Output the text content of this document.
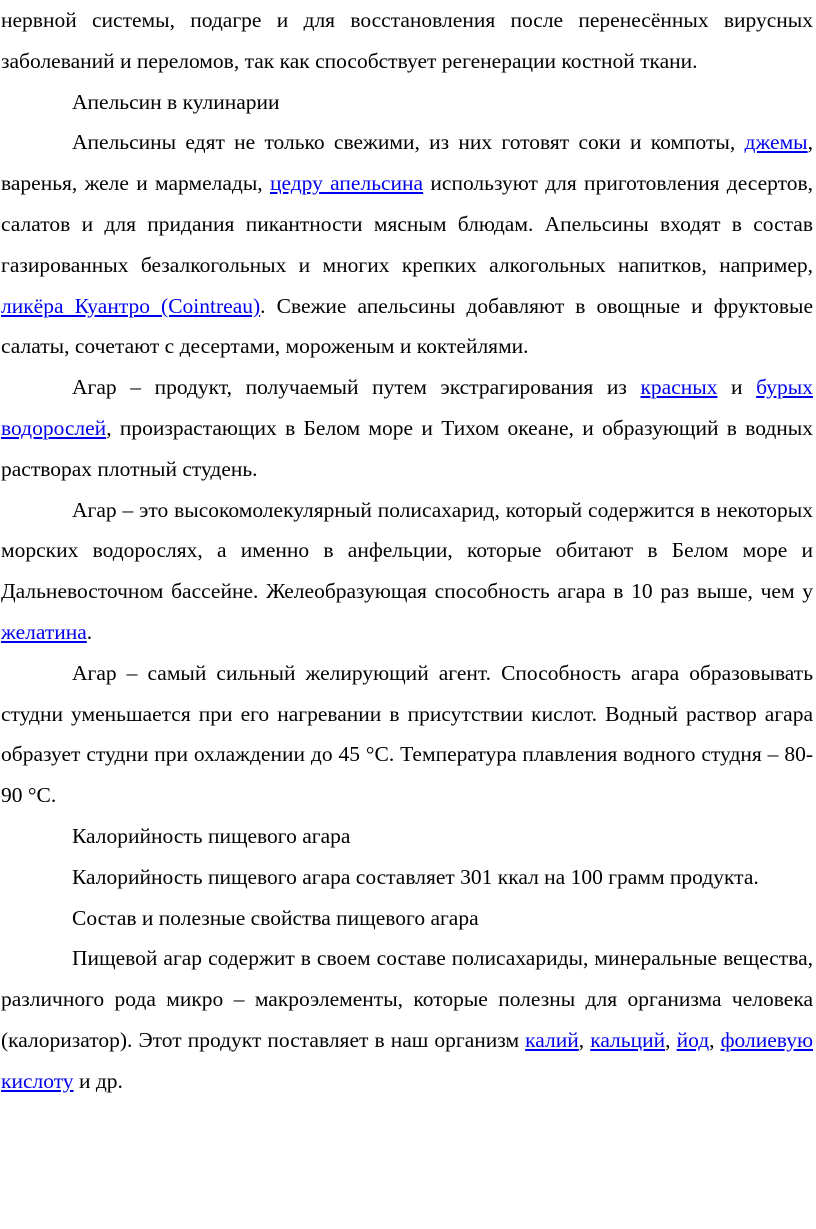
нервной системы, подагре и для восстановления после перенесённых вирусных заболеваний и переломов, так как способствует регенерации костной ткани.

Апельсин в кулинарии

Апельсины едят не только свежими, из них готовят соки и компоты, джемы, варенья, желе и мармелады, цедру апельсина используют для приготовления десертов, салатов и для придания пикантности мясным блюдам. Апельсины входят в состав газированных безалкогольных и многих крепких алкогольных напитков, например, ликёра Куантро (Cointreau). Свежие апельсины добавляют в овощные и фруктовые салаты, сочетают с десертами, мороженым и коктейлями.

Агар – продукт, получаемый путем экстрагирования из красных и бурых водорослей, произрастающих в Белом море и Тихом океане, и образующий в водных растворах плотный студень.

Агар – это высокомолекулярный полисахарид, который содержится в некоторых морских водорослях, а именно в анфельции, которые обитают в Белом море и Дальневосточном бассейне. Желеобразующая способность агара в 10 раз выше, чем у желатина.

Агар – самый сильный желирующий агент. Способность агара образовывать студни уменьшается при его нагревании в присутствии кислот. Водный раствор агара образует студни при охлаждении до 45 °С. Температура плавления водного студня – 80-90 °С.

Калорийность пищевого агара

Калорийность пищевого агара составляет 301 ккал на 100 грамм продукта.

Состав и полезные свойства пищевого агара

Пищевой агар содержит в своем составе полисахариды, минеральные вещества, различного рода микро – макроэлементы, которые полезны для организма человека (калоризатор). Этот продукт поставляет в наш организм калий, кальций, йод, фолиевую кислоту и др.
